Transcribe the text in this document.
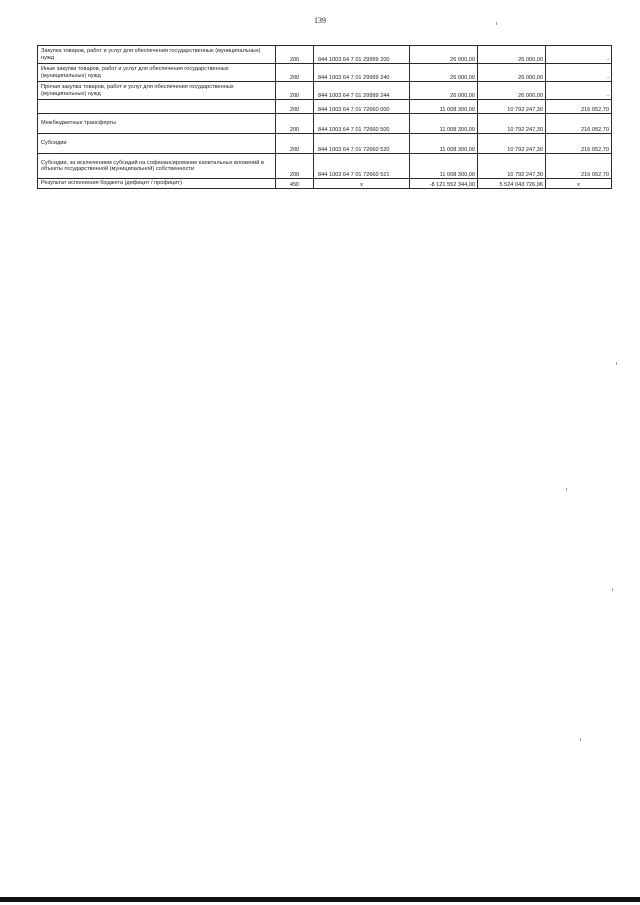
139
Закупка товаров, работ и услуг для обеспечения государственных (муниципальных) нужд	200	844 1003 64 7 01 29999 200	26 000,00	26 000,00	-
Иные закупки товаров, работ и услуг для обеспечения государственных (муниципальных) нужд	200	844 1003 64 7 01 29999 240	26 000,00	26 000,00	-
Прочая закупка товаров, работ и услуг для обеспечения государственных (муниципальных) нужд	200	844 1003 64 7 01 29999 244	26 000,00	26 000,00	-
	200	844 1003 64 7 01 72660 000	11 008 300,00	10 792 247,30	216 052,70
Межбюджетные трансферты	200	844 1003 64 7 01 72660 500	11 008 300,00	10 792 247,30	216 052,70
Субсидии	200	844 1003 64 7 01 72660 520	11 008 300,00	10 792 247,30	216 052,70
Субсидии, за исключением субсидий на софинансирование капитальных вложений в объекты государственной (муниципальной) собственности	200	844 1003 64 7 01 72660 521	11 008 300,00	10 792 247,30	216 052,70
Результат исполнения бюджета (дефицит / профицит)	450	x	-8 121 552 344,00	5 524 043 726,96	x
